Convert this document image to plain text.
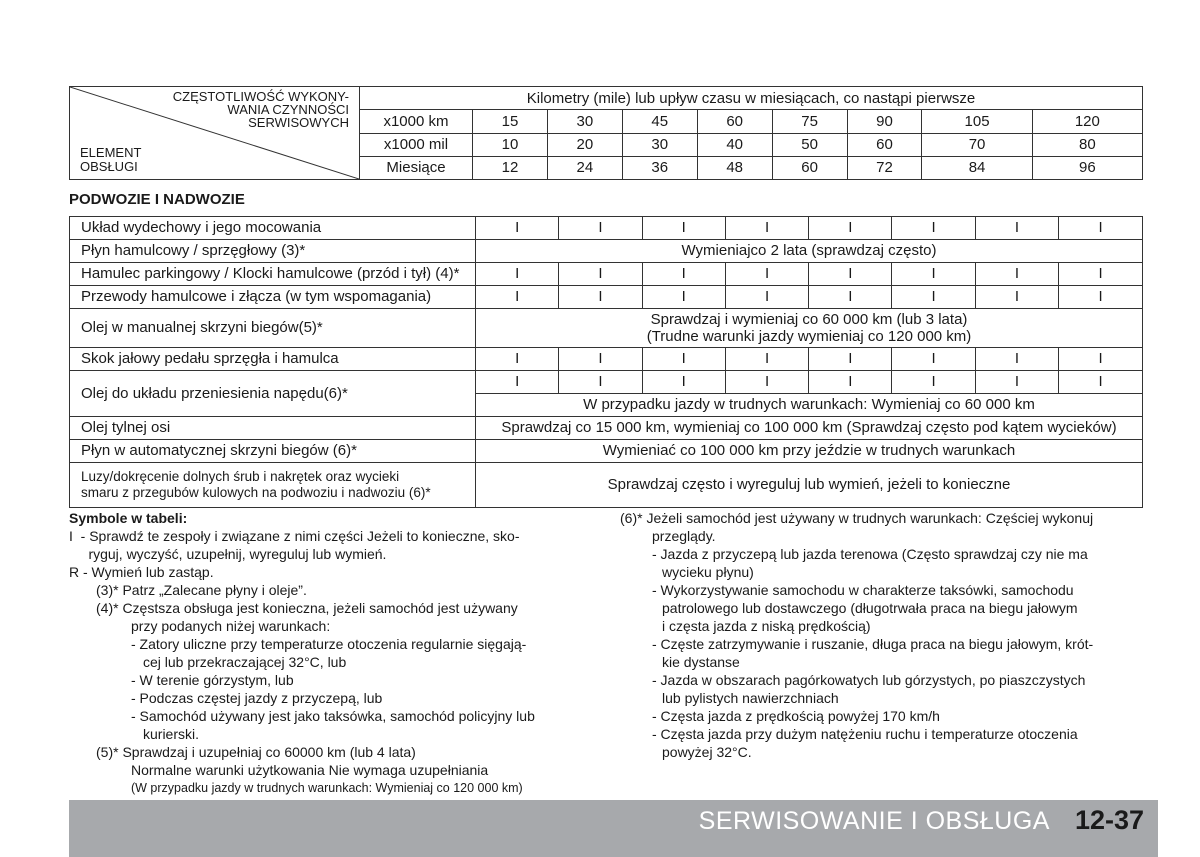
CZĘSTOTLIWOŚĆ WYKONY-
WANIA CZYNNOŚCI
SERWISOWYCH
ELEMENT
OBSŁUGI	Kilometry (mile) lub upływ czasu w miesiącach, co nastąpi pierwsze								
	x1000 km	15	30	45	60	75	90	105	120
	x1000 mil	10	20	30	40	50	60	70	80
	Miesiące	12	24	36	48	60	72	84	96
PODWOZIE I NADWOZIE
Układ wydechowy i jego mocowania	I	I	I	I	I	I	I	I
Płyn hamulcowy / sprzęgłowy (3)*	Wymieniajco 2 lata (sprawdzaj często)							
Hamulec parkingowy / Klocki hamulcowe (przód i tył) (4)*	I	I	I	I	I	I	I	I
Przewody hamulcowe i złącza (w tym wspomagania)	I	I	I	I	I	I	I	I
Olej w manualnej skrzyni biegów(5)*	Sprawdzaj i wymieniaj co 60 000 km (lub 3 lata)
(Trudne warunki jazdy wymieniaj co 120 000 km)							

Skok jałowy pedału sprzęgła i hamulca	I	I	I	I	I	I	I	I
Olej do układu przeniesienia napędu(6)*	I	I	I	I	I	I	I	I
	W przypadku jazdy w trudnych warunkach: Wymieniaj co 60 000 km							
Olej tylnej osi	Sprawdzaj co 15 000 km, wymieniaj co 100 000 km (Sprawdzaj często pod kątem wycieków)							
Płyn w automatycznej skrzyni biegów (6)*	Wymieniać co 100 000 km przy jeździe w trudnych warunkach							

Luzy/dokręcenie dolnych śrub i nakrętek oraz wycieki
smaru z przegubów kulowych na podwoziu i nadwoziu (6)*	Sprawdzaj często i wyreguluj lub wymień, jeżeli to konieczne							

Symbole w tabeli:

I  - Sprawdź te zespoły i związane z nimi części Jeżeli to konieczne, sko-

ryguj, wyczyść, uzupełnij, wyreguluj lub wymień.

R - Wymień lub zastąp.

(3)* Patrz „Zalecane płyny i oleje”.

(4)* Częstsza obsługa jest konieczna, jeżeli samochód jest używany

przy podanych niżej warunkach:

- Zatory uliczne przy temperaturze otoczenia regularnie sięgają-

cej lub przekraczającej 32°C, lub

- W terenie górzystym, lub

- Podczas częstej jazdy z przyczepą, lub

- Samochód używany jest jako taksówka, samochód policyjny lub

kurierski.

(5)* Sprawdzaj i uzupełniaj co 60000 km (lub 4 lata)

Normalne warunki użytkowania Nie wymaga uzupełniania

(W przypadku jazdy w trudnych warunkach: Wymieniaj co 120 000 km)

(6)* Jeżeli samochód jest używany w trudnych warunkach: Częściej wykonuj

przeglądy.

- Jazda z przyczepą lub jazda terenowa (Często sprawdzaj czy nie ma

wycieku płynu)

- Wykorzystywanie samochodu w charakterze taksówki, samochodu

patrolowego lub dostawczego (długotrwała praca na biegu jałowym

i częsta jazda z niską prędkością)

- Częste zatrzymywanie i ruszanie, długa praca na biegu jałowym, krót-

kie dystanse

- Jazda w obszarach pagórkowatych lub górzystych, po piaszczystych

lub pylistych nawierzchniach

- Częsta jazda z prędkością powyżej 170 km/h

- Częsta jazda przy dużym natężeniu ruchu i temperaturze otoczenia

powyżej 32°C.

SERWISOWANIE I OBSŁUGA 12-37
